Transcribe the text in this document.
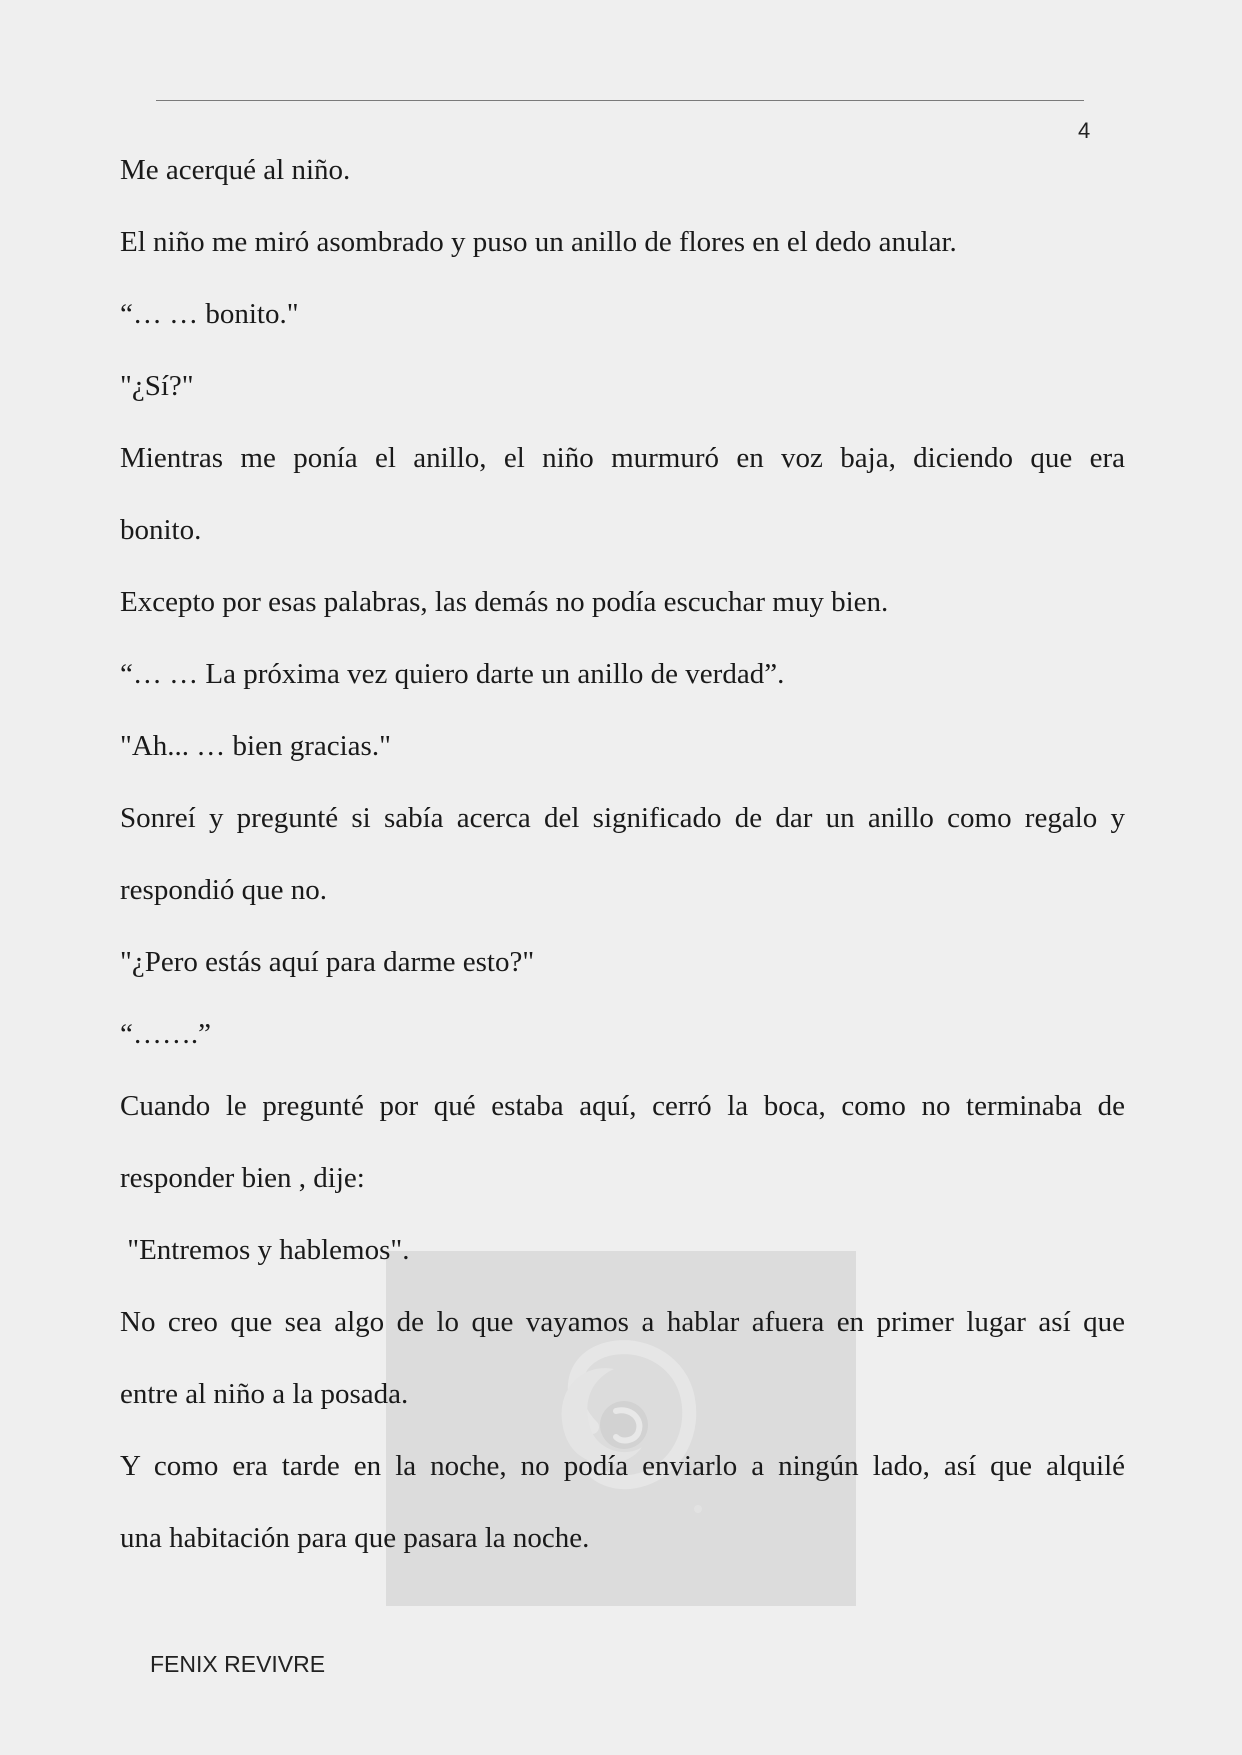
4

Me acerqué al niño.

El niño me miró asombrado y puso un anillo de flores en el dedo anular.

“… … bonito."

"¿Sí?"

Mientras me ponía el anillo, el niño murmuró en voz baja, diciendo que era

bonito.

Excepto por esas palabras, las demás no podía escuchar muy bien.

“… … La próxima vez quiero darte un anillo de verdad”.

"Ah... … bien gracias."

Sonreí y pregunté si sabía acerca del significado de dar un anillo como regalo y

respondió que no.

"¿Pero estás aquí para darme esto?"

“…….”

Cuando le pregunté por qué estaba aquí, cerró la boca, como no terminaba de

responder bien , dije:

"Entremos y hablemos".

No creo que sea algo de lo que vayamos a hablar afuera en primer lugar así que

entre al niño a la posada.

Y como era tarde en la noche, no podía enviarlo a ningún lado, así que alquilé

una habitación para que pasara la noche.

FENIX REVIVRE
